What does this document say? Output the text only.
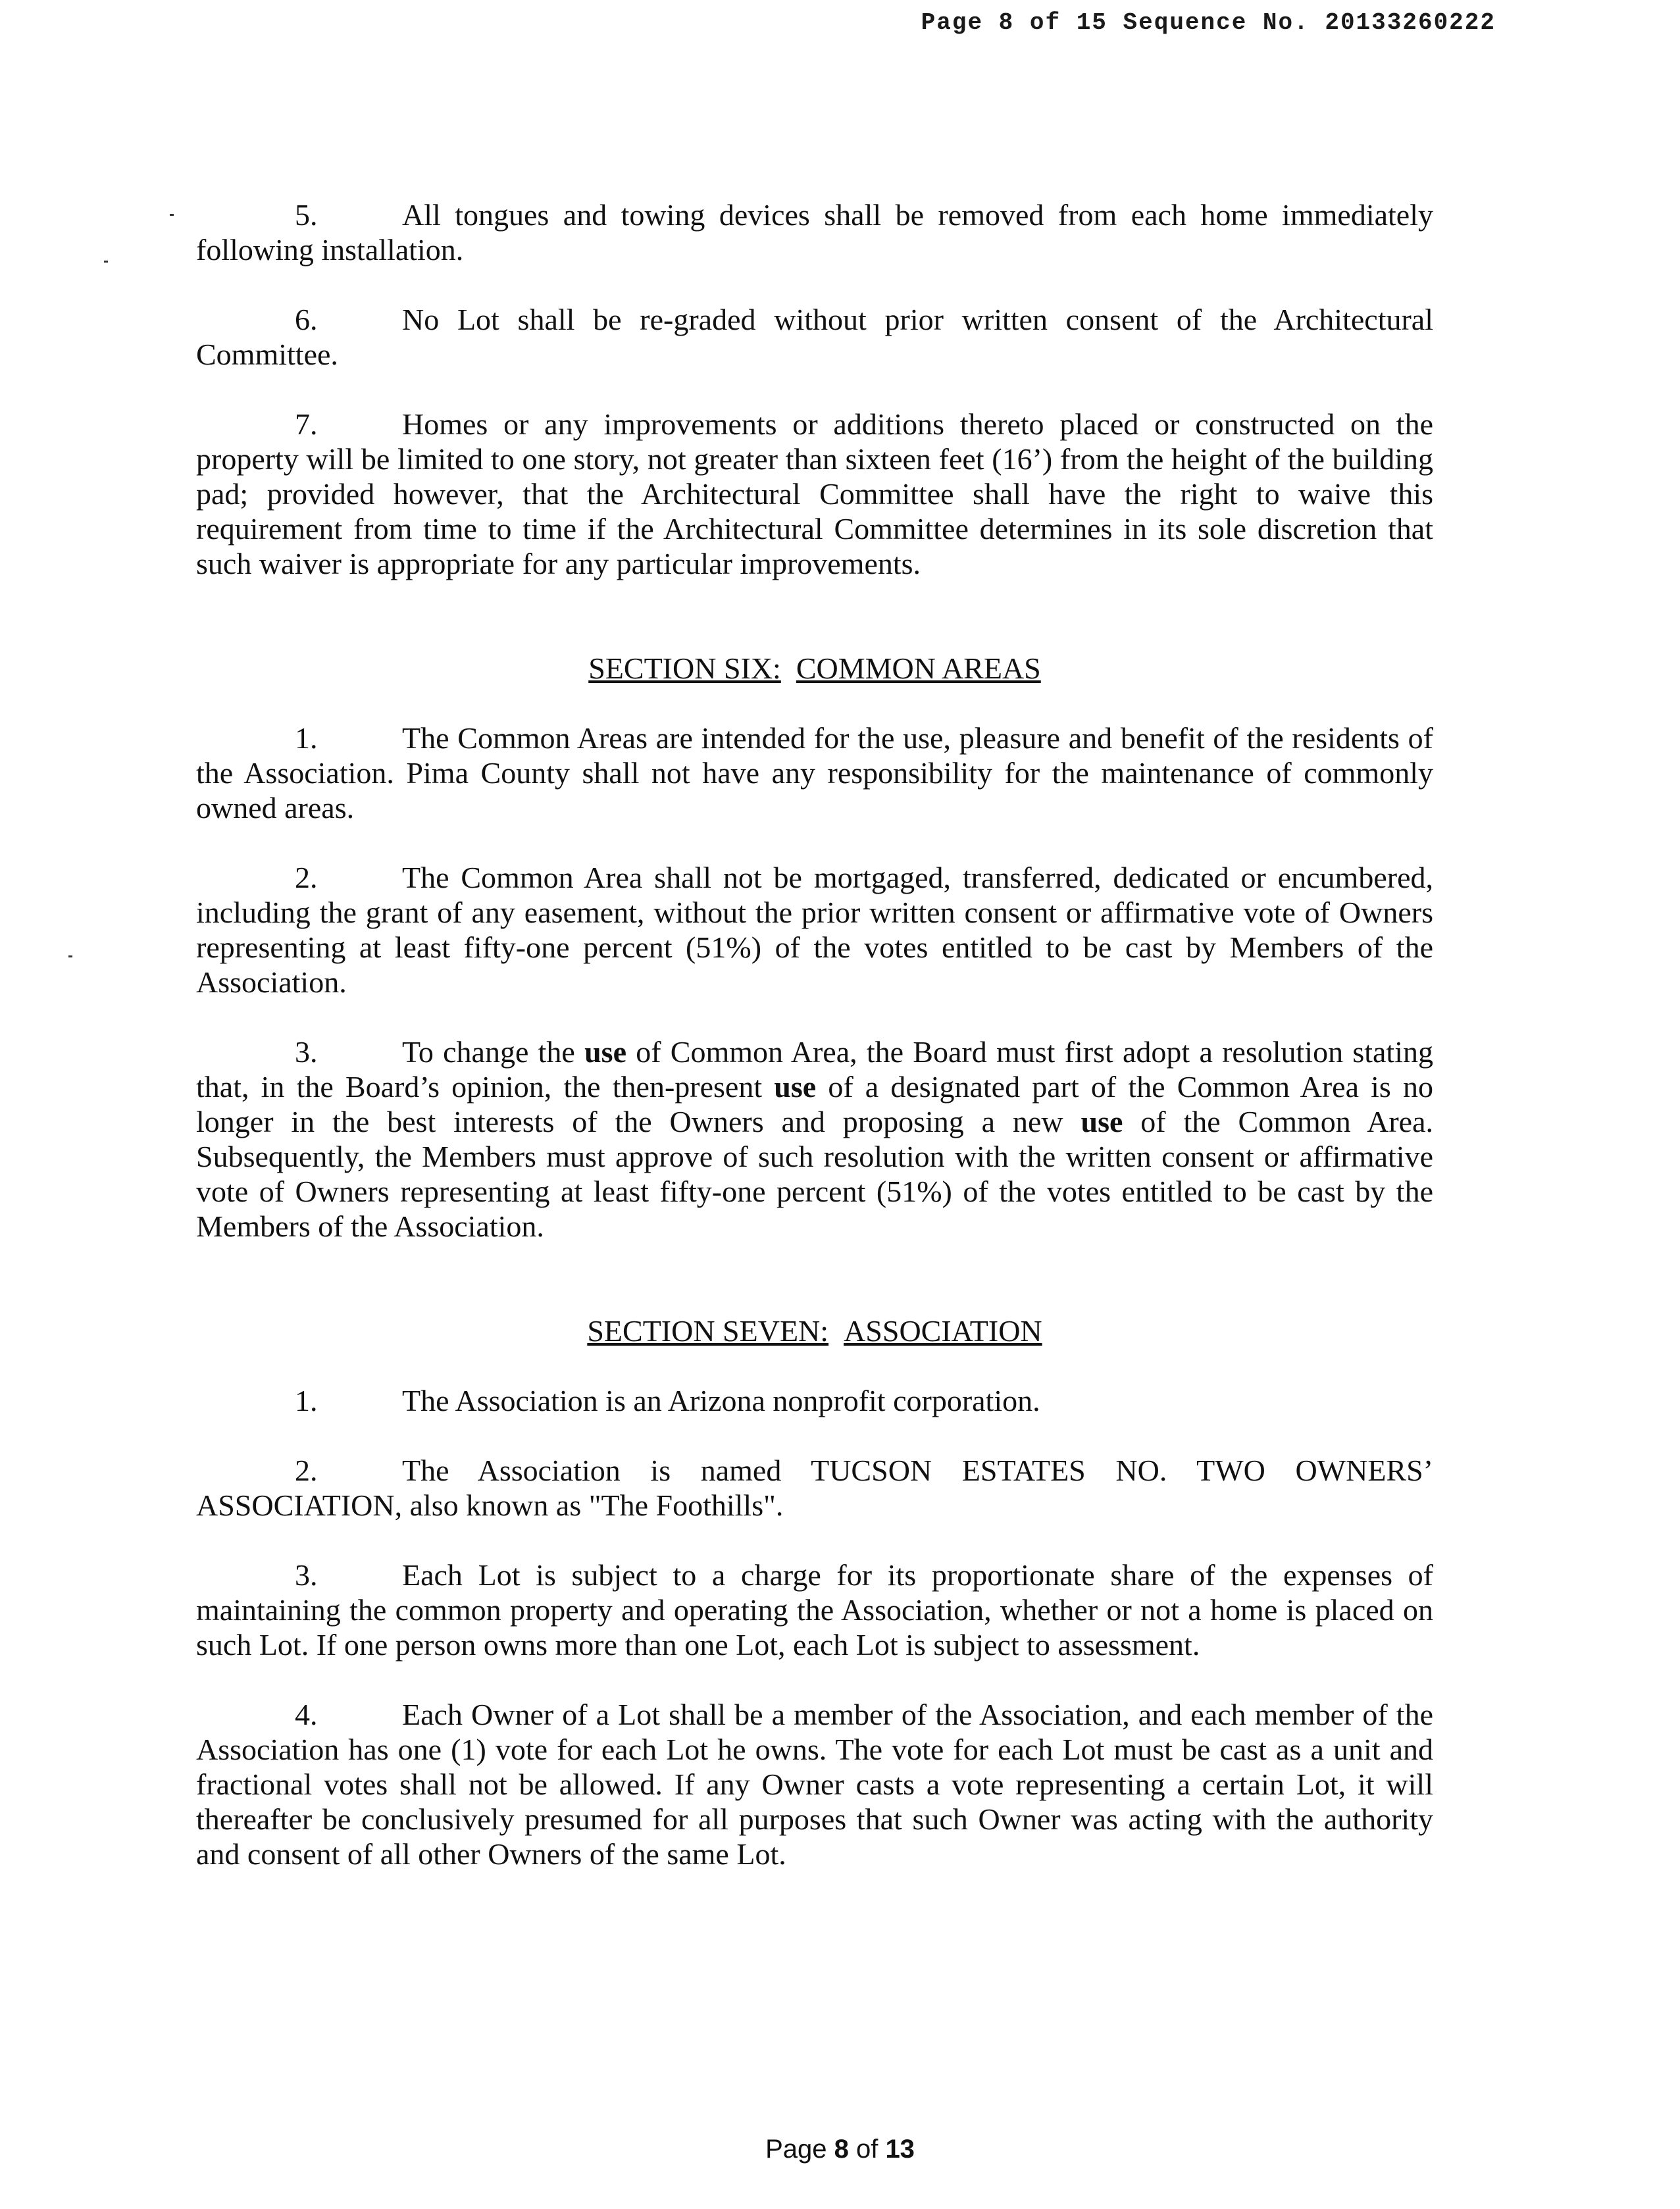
Page 8 of 15 Sequence No. 20133260222

5.	All tongues and towing devices shall be removed from each home immediately following installation.

6.	No Lot shall be re-graded without prior written consent of the Architectural Committee.

7.	Homes or any improvements or additions thereto placed or constructed on the property will be limited to one story, not greater than sixteen feet (16’) from the height of the building pad; provided however, that the Architectural Committee shall have the right to waive this requirement from time to time if the Architectural Committee determines in its sole discretion that such waiver is appropriate for any particular improvements.

SECTION SIX: COMMON AREAS

1.	The Common Areas are intended for the use, pleasure and benefit of the residents of the Association. Pima County shall not have any responsibility for the maintenance of commonly owned areas.

2.	The Common Area shall not be mortgaged, transferred, dedicated or encumbered, including the grant of any easement, without the prior written consent or affirmative vote of Owners representing at least fifty-one percent (51%) of the votes entitled to be cast by Members of the Association.

3.	To change the use of Common Area, the Board must first adopt a resolution stating that, in the Board’s opinion, the then-present use of a designated part of the Common Area is no longer in the best interests of the Owners and proposing a new use of the Common Area. Subsequently, the Members must approve of such resolution with the written consent or affirmative vote of Owners representing at least fifty-one percent (51%) of the votes entitled to be cast by the Members of the Association.

SECTION SEVEN: ASSOCIATION

1.	The Association is an Arizona nonprofit corporation.

2.	The Association is named TUCSON ESTATES NO. TWO OWNERS’ ASSOCIATION, also known as "The Foothills".

3.	Each Lot is subject to a charge for its proportionate share of the expenses of maintaining the common property and operating the Association, whether or not a home is placed on such Lot. If one person owns more than one Lot, each Lot is subject to assessment.

4.	Each Owner of a Lot shall be a member of the Association, and each member of the Association has one (1) vote for each Lot he owns. The vote for each Lot must be cast as a unit and fractional votes shall not be allowed. If any Owner casts a vote representing a certain Lot, it will thereafter be conclusively presumed for all purposes that such Owner was acting with the authority and consent of all other Owners of the same Lot.

Page 8 of 13
